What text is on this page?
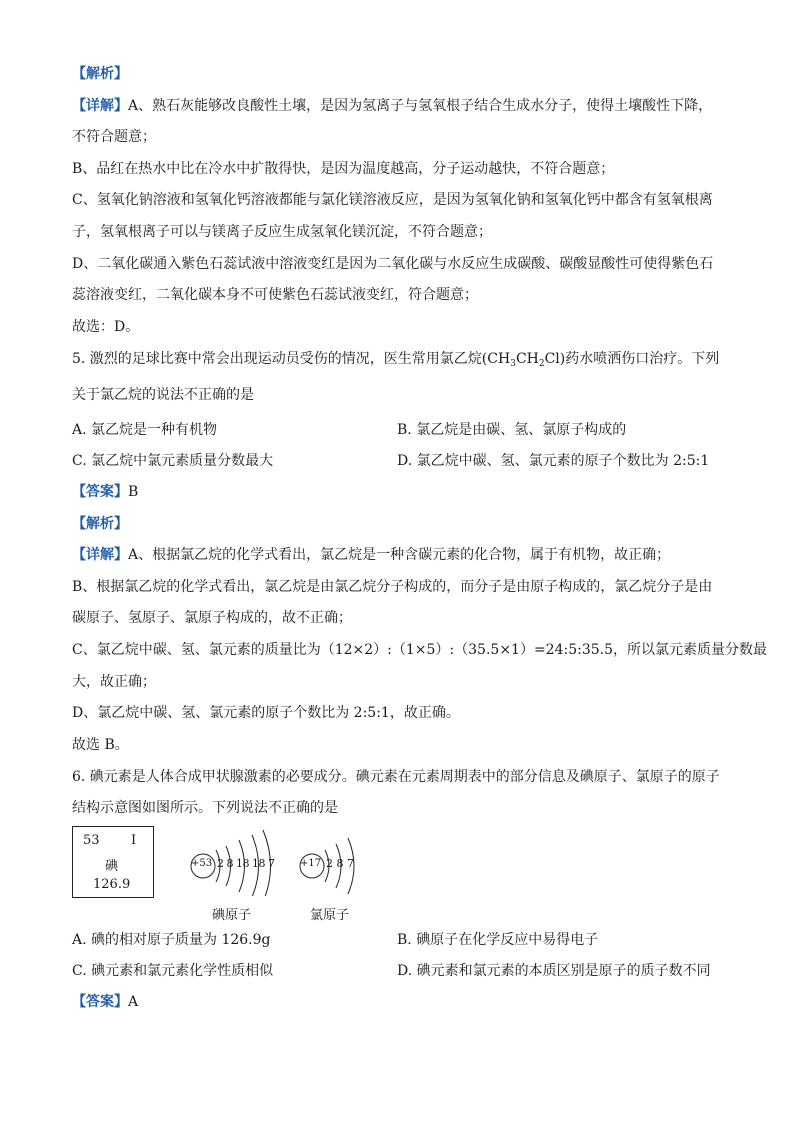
【解析】
【详解】A、熟石灰能够改良酸性土壤，是因为氢离子与氢氧根子结合生成水分子，使得土壤酸性下降，
不符合题意；
B、品红在热水中比在冷水中扩散得快，是因为温度越高，分子运动越快，不符合题意；
C、氢氧化钠溶液和氢氧化钙溶液都能与氯化镁溶液反应，是因为氢氧化钠和氢氧化钙中都含有氢氧根离
子，氢氧根离子可以与镁离子反应生成氢氧化镁沉淀，不符合题意；
D、二氧化碳通入紫色石蕊试液中溶液变红是因为二氧化碳与水反应生成碳酸、碳酸显酸性可使得紫色石
蕊溶液变红，二氧化碳本身不可使紫色石蕊试液变红，符合题意；
故选：D。
5. 激烈的足球比赛中常会出现运动员受伤的情况，医生常用氯乙烷$(CH_3CH_2Cl)$药水喷洒伤口治疗。下列
关于氯乙烷的说法不正确的是
A. 氯乙烷是一种有机物	B. 氯乙烷是由碳、氢、氯原子构成的
C. 氯乙烷中氯元素质量分数最大	D. 氯乙烷中碳、氢、氯元素的原子个数比为 2:5:1
【答案】B
【解析】
【详解】A、根据氯乙烷的化学式看出，氯乙烷是一种含碳元素的化合物，属于有机物，故正确；
B、根据氯乙烷的化学式看出，氯乙烷是由氯乙烷分子构成的，而分子是由原子构成的，氯乙烷分子是由
碳原子、氢原子、氯原子构成的，故不正确；
C、氯乙烷中碳、氢、氯元素的质量比为（12×2）:（1×5）:（35.5×1）=24:5:35.5，所以氯元素质量分数最
大，故正确；
D、氯乙烷中碳、氢、氯元素的原子个数比为 2:5:1，故正确。
故选 B。
6. 碘元素是人体合成甲状腺激素的必要成分。碘元素在元素周期表中的部分信息及碘原子、氯原子的原子
结构示意图如图所示。下列说法不正确的是
53 I
碘
126.9
+53 2 8 18 18 7	+17 2 8 7
碘原子	氯原子
A. 碘的相对原子质量为 126.9g	B. 碘原子在化学反应中易得电子
C. 碘元素和氯元素化学性质相似	D. 碘元素和氯元素的本质区别是原子的质子数不同
【答案】A
